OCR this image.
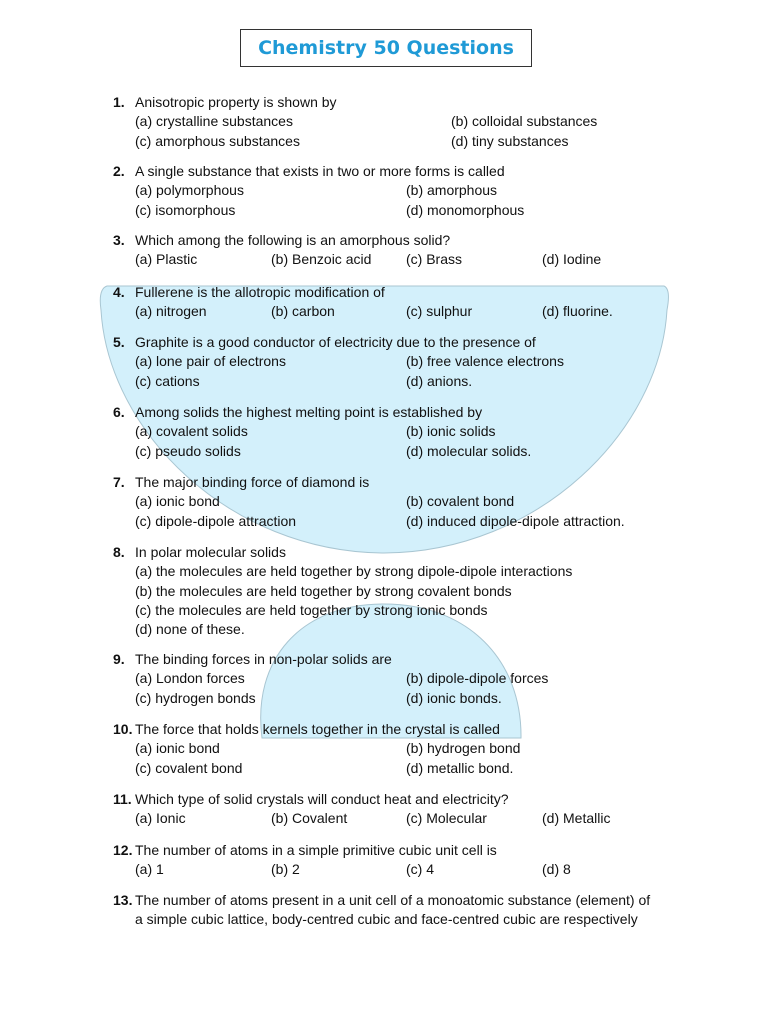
Chemistry 50 Questions
1. Anisotropic property is shown by
(a) crystalline substances	(b) colloidal substances
(c) amorphous substances	(d) tiny substances
2. A single substance that exists in two or more forms is called
(a) polymorphous	(b) amorphous
(c) isomorphous	(d) monomorphous
3. Which among the following is an amorphous solid?
(a) Plastic	(b) Benzoic acid (c) Brass	(d) Iodine
4. Fullerene is the allotropic modification of
(a) nitrogen	(b) carbon	(c) sulphur	(d) fluorine.
5. Graphite is a good conductor of electricity due to the presence of
(a) lone pair of electrons	(b) free valence electrons
(c) cations	(d) anions.
6. Among solids the highest melting point is established by
(a) covalent solids	(b) ionic solids
(c) pseudo solids	(d) molecular solids.
7. The major binding force of diamond is
(a) ionic bond	(b) covalent bond
(c) dipole-dipole attraction	(d) induced dipole-dipole attraction.
8. In polar molecular solids
(a) the molecules are held together by strong dipole-dipole interactions
(b) the molecules are held together by strong covalent bonds
(c) the molecules are held together by strong ionic bonds
(d) none of these.
9. The binding forces in non-polar solids are
(a) London forces	(b) dipole-dipole forces
(c) hydrogen bonds	(d) ionic bonds.
10. The force that holds kernels together in the crystal is called
(a) ionic bond	(b) hydrogen bond
(c) covalent bond	(d) metallic bond.
11. Which type of solid crystals will conduct heat and electricity?
(a) Ionic	(b) Covalent	(c) Molecular	(d) Metallic
12. The number of atoms in a simple primitive cubic unit cell is
(a) 1	(b) 2	(c) 4	(d) 8
13. The number of atoms present in a unit cell of a monoatomic substance (element) of
a simple cubic lattice, body-centred cubic and face-centred cubic are respectively
